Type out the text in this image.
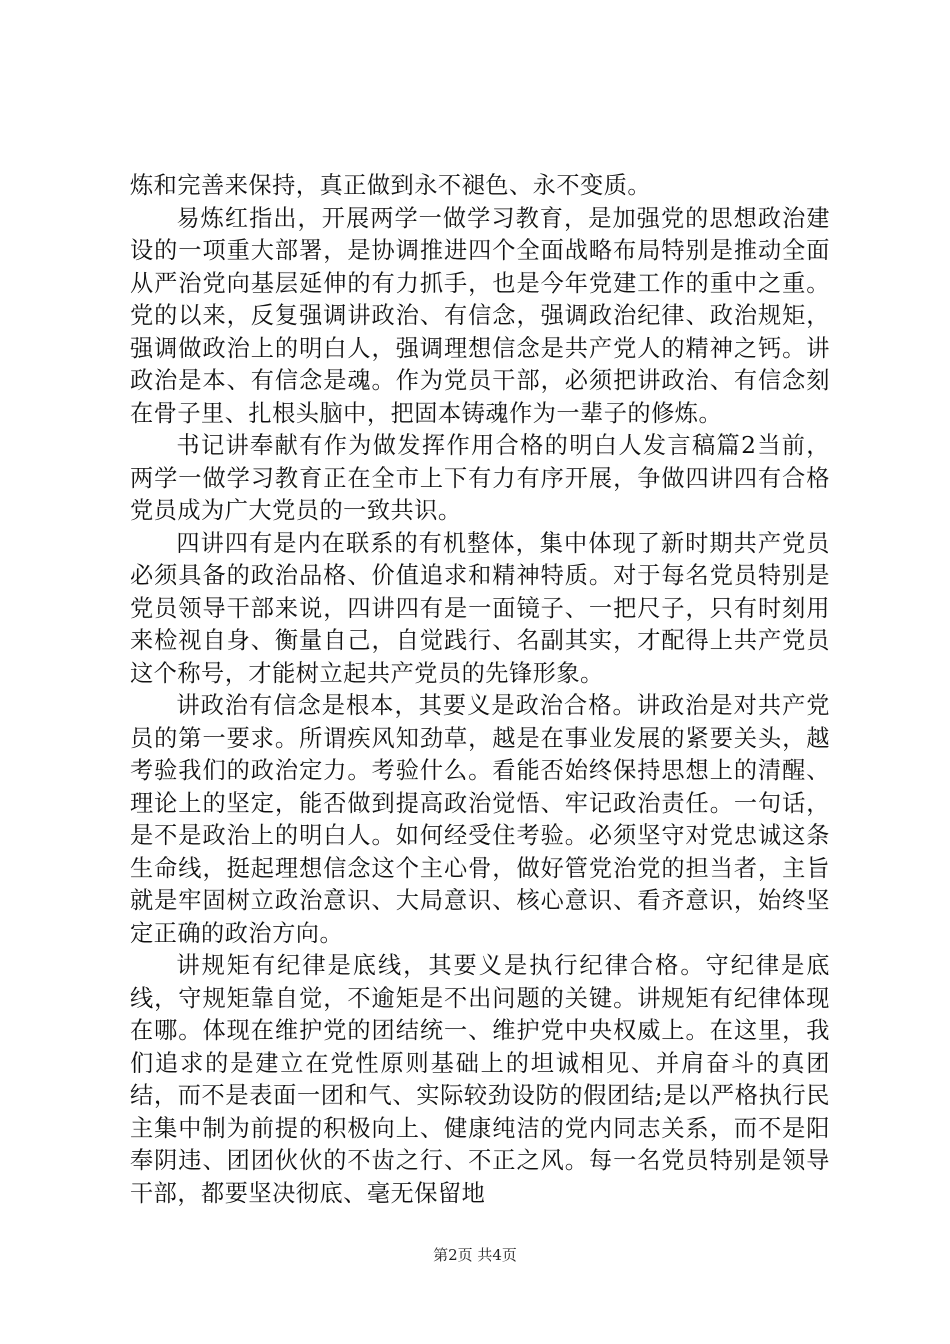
炼和完善来保持，真正做到永不褪色、永不变质。

易炼红指出，开展两学一做学习教育，是加强党的思想政治建设的一项重大部署，是协调推进四个全面战略布局特别是推动全面从严治党向基层延伸的有力抓手，也是今年党建工作的重中之重。党的以来，反复强调讲政治、有信念，强调政治纪律、政治规矩，强调做政治上的明白人，强调理想信念是共产党人的精神之钙。讲政治是本、有信念是魂。作为党员干部，必须把讲政治、有信念刻在骨子里、扎根头脑中，把固本铸魂作为一辈子的修炼。

书记讲奉献有作为做发挥作用合格的明白人发言稿篇2当前，两学一做学习教育正在全市上下有力有序开展，争做四讲四有合格党员成为广大党员的一致共识。

四讲四有是内在联系的有机整体，集中体现了新时期共产党员必须具备的政治品格、价值追求和精神特质。对于每名党员特别是党员领导干部来说，四讲四有是一面镜子、一把尺子，只有时刻用来检视自身、衡量自己，自觉践行、名副其实，才配得上共产党员这个称号，才能树立起共产党员的先锋形象。

讲政治有信念是根本，其要义是政治合格。讲政治是对共产党员的第一要求。所谓疾风知劲草，越是在事业发展的紧要关头，越考验我们的政治定力。考验什么。看能否始终保持思想上的清醒、理论上的坚定，能否做到提高政治觉悟、牢记政治责任。一句话，是不是政治上的明白人。如何经受住考验。必须坚守对党忠诚这条生命线，挺起理想信念这个主心骨，做好管党治党的担当者，主旨就是牢固树立政治意识、大局意识、核心意识、看齐意识，始终坚定正确的政治方向。

讲规矩有纪律是底线，其要义是执行纪律合格。守纪律是底线，守规矩靠自觉，不逾矩是不出问题的关键。讲规矩有纪律体现在哪。体现在维护党的团结统一、维护党中央权威上。在这里，我们追求的是建立在党性原则基础上的坦诚相见、并肩奋斗的真团结，而不是表面一团和气、实际较劲设防的假团结;是以严格执行民主集中制为前提的积极向上、健康纯洁的党内同志关系，而不是阳奉阴违、团团伙伙的不齿之行、不正之风。每一名党员特别是领导干部，都要坚决彻底、毫无保留地

第2页 共4页
